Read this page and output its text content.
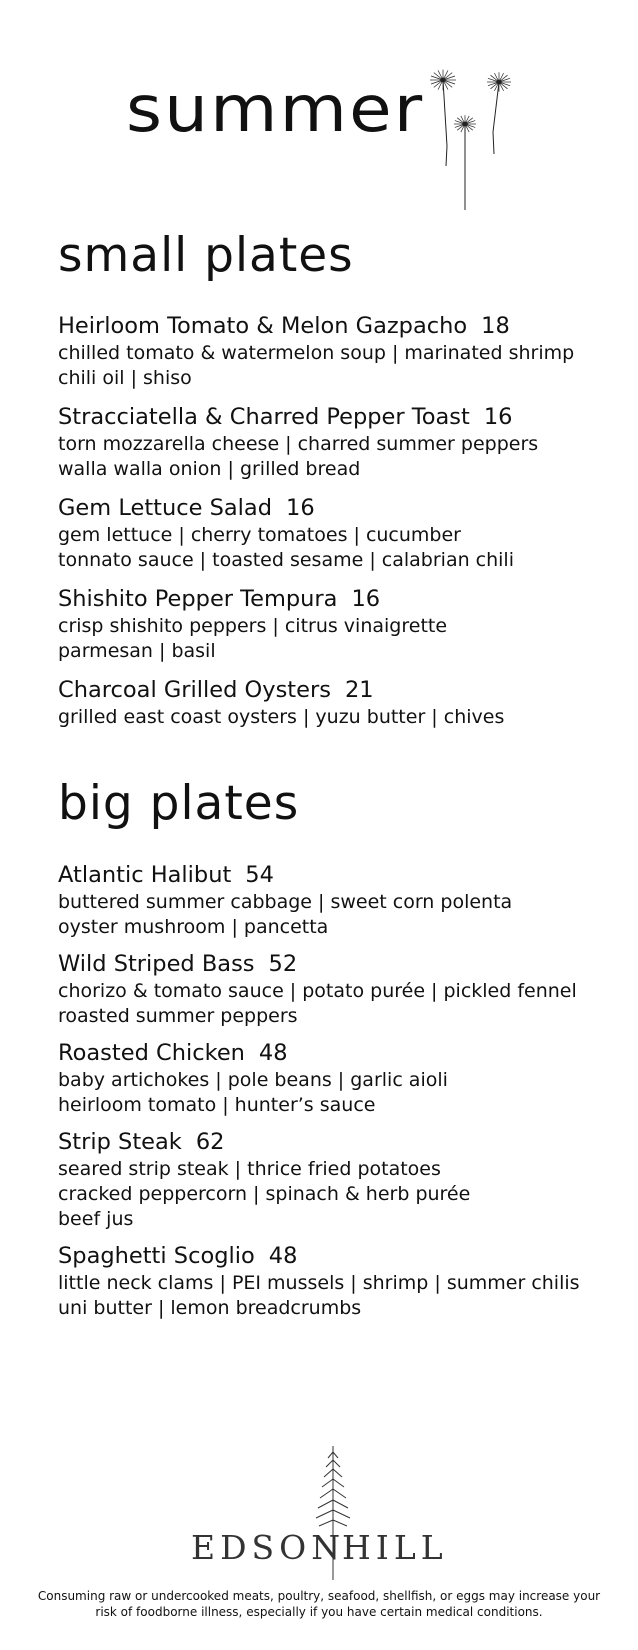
summer
small plates
Heirloom Tomato & Melon Gazpacho 18
chilled tomato & watermelon soup | marinated shrimp
chili oil | shiso
Stracciatella & Charred Pepper Toast 16
torn mozzarella cheese | charred summer peppers
walla walla onion | grilled bread
Gem Lettuce Salad 16
gem lettuce | cherry tomatoes | cucumber
tonnato sauce | toasted sesame | calabrian chili
Shishito Pepper Tempura 16
crisp shishito peppers | citrus vinaigrette
parmesan | basil
Charcoal Grilled Oysters 21
grilled east coast oysters | yuzu butter | chives
big plates
Atlantic Halibut 54
buttered summer cabbage | sweet corn polenta
oyster mushroom | pancetta
Wild Striped Bass 52
chorizo & tomato sauce | potato purée | pickled fennel
roasted summer peppers
Roasted Chicken 48
baby artichokes | pole beans | garlic aioli
heirloom tomato | hunter’s sauce
Strip Steak 62
seared strip steak | thrice fried potatoes
cracked peppercorn | spinach & herb purée
beef jus
Spaghetti Scoglio 48
little neck clams | PEI mussels | shrimp | summer chilis
uni butter | lemon breadcrumbs
EDSON
HILL

Consuming raw or undercooked meats, poultry, seafood, shellfish, or eggs may increase your
risk of foodborne illness, especially if you have certain medical conditions.
